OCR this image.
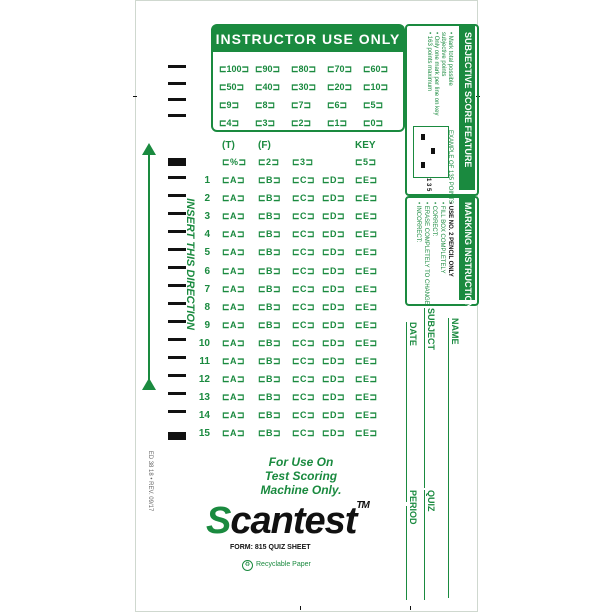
INSTRUCTOR USE ONLY
⊏100⊐ ⊏90⊐ ⊏80⊐ ⊏70⊐ ⊏60⊐
⊏50⊐ ⊏40⊐ ⊏30⊐ ⊏20⊐ ⊏10⊐
⊏9⊐ ⊏8⊐ ⊏7⊐ ⊏6⊐ ⊏5⊐
⊏4⊐ ⊏3⊐ ⊏2⊐ ⊏1⊐ ⊏0⊐
(T) (F)	KEY
⊏%⊐ ⊏2⊐ ⊏3⊐	⊏5⊐
1 ⊏A⊐ ⊏B⊐ ⊏C⊐ ⊏D⊐ ⊏E⊐
2 ⊏A⊐ ⊏B⊐ ⊏C⊐ ⊏D⊐ ⊏E⊐
3 ⊏A⊐ ⊏B⊐ ⊏C⊐ ⊏D⊐ ⊏E⊐
4 ⊏A⊐ ⊏B⊐ ⊏C⊐ ⊏D⊐ ⊏E⊐
5 ⊏A⊐ ⊏B⊐ ⊏C⊐ ⊏D⊐ ⊏E⊐
6 ⊏A⊐ ⊏B⊐ ⊏C⊐ ⊏D⊐ ⊏E⊐
7 ⊏A⊐ ⊏B⊐ ⊏C⊐ ⊏D⊐ ⊏E⊐
8 ⊏A⊐ ⊏B⊐ ⊏C⊐ ⊏D⊐ ⊏E⊐
9 ⊏A⊐ ⊏B⊐ ⊏C⊐ ⊏D⊐ ⊏E⊐
10 ⊏A⊐ ⊏B⊐ ⊏C⊐ ⊏D⊐ ⊏E⊐
11 ⊏A⊐ ⊏B⊐ ⊏C⊐ ⊏D⊐ ⊏E⊐
12 ⊏A⊐ ⊏B⊐ ⊏C⊐ ⊏D⊐ ⊏E⊐
13 ⊏A⊐ ⊏B⊐ ⊏C⊐ ⊏D⊐ ⊏E⊐
14 ⊏A⊐ ⊏B⊐ ⊏C⊐ ⊏D⊐ ⊏E⊐
15 ⊏A⊐ ⊏B⊐ ⊏C⊐ ⊏D⊐ ⊏E⊐
INSERT THIS DIRECTION
ED 38 18 • REV. 09/17	For Use On
Test Scoring
Machine Only.
Scantest™
FORM: 815 QUIZ SHEET
♻ Recyclable Paper
SUBJECTIVE SCORE FEATURE
• Mark total possible
subjective points
• Only one mark per line on key
• 163 points maximum
EXAMPLE OF 135 POINTS
1 3 5
MARKING INSTRUCTIONS
• USE NO. 2 PENCIL ONLY
• FILL BOX COMPLETELY
• CORRECT:
• ERASE COMPLETELY TO CHANGE
• INCORRECT:
NAME
SUBJECT
DATE
QUIZ
PERIOD
